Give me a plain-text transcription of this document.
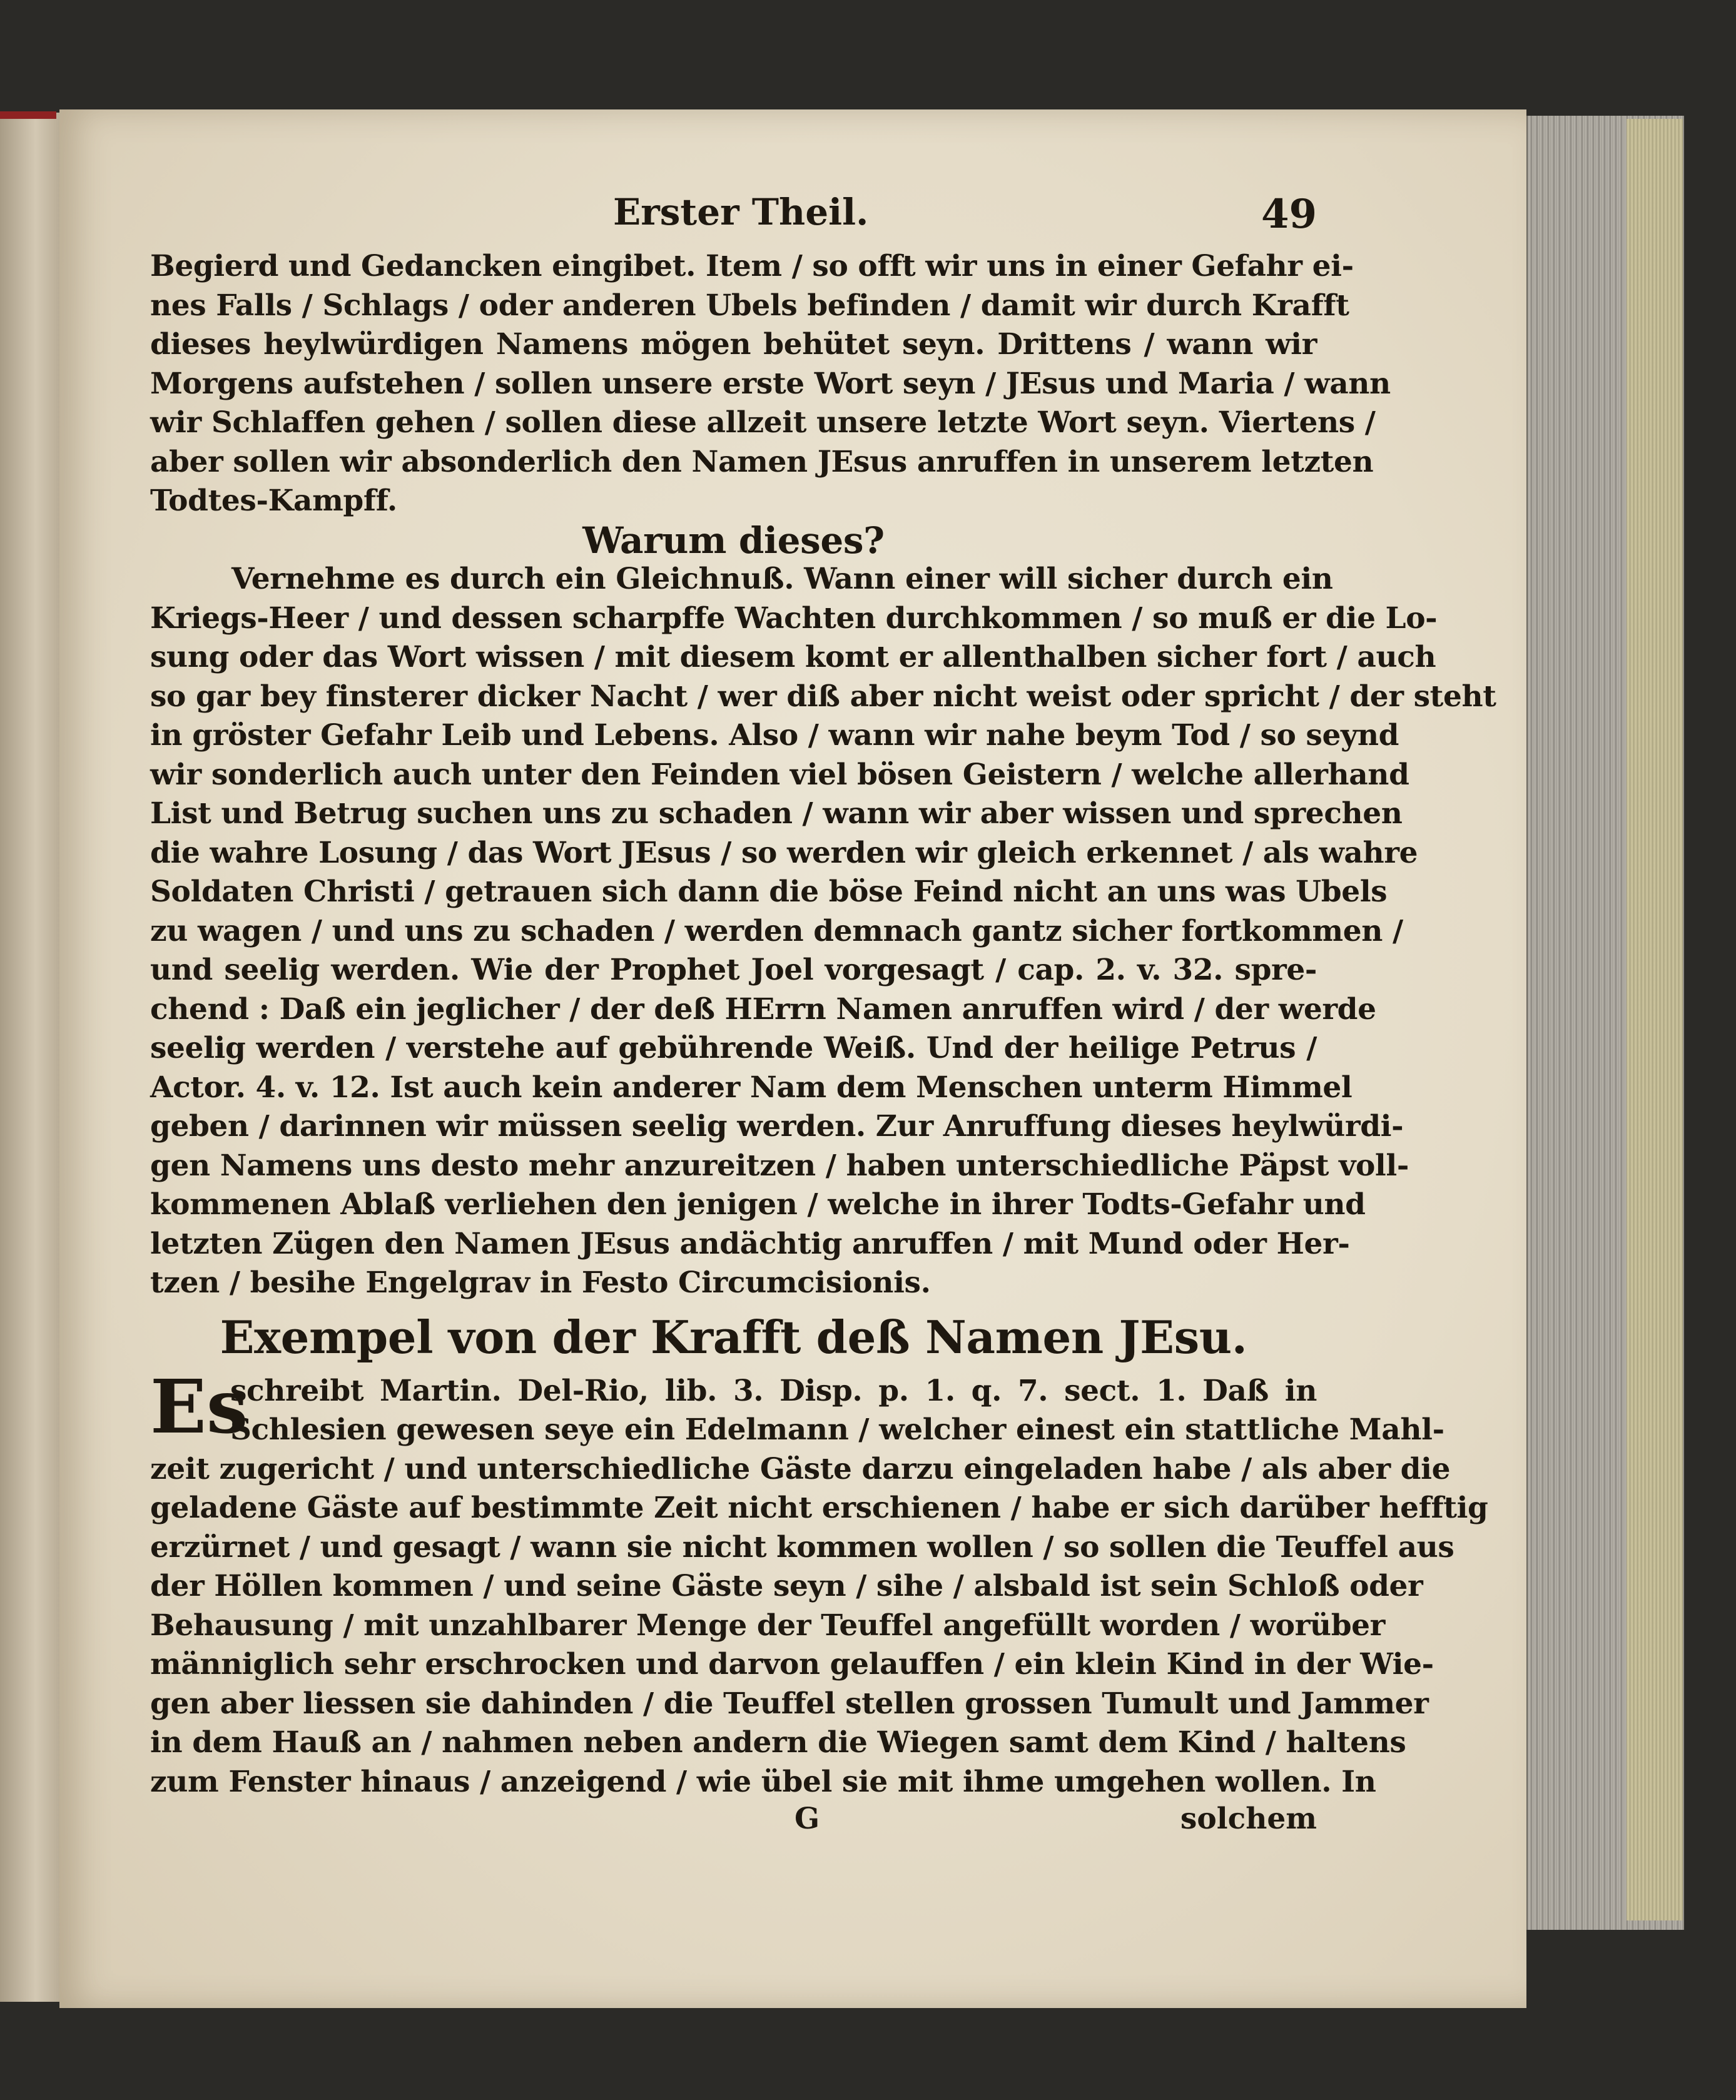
Erster Theil.	49
Begierd und Gedancken eingibet. Item / so offt wir uns in einer Gefahr ei-
nes Falls / Schlags / oder anderen Ubels befinden / damit wir durch Krafft
dieses heylwürdigen Namens mögen behütet seyn. Drittens / wann wir
Morgens aufstehen / sollen unsere erste Wort seyn / JEsus und Maria / wann
wir Schlaffen gehen / sollen diese allzeit unsere letzte Wort seyn. Viertens /
aber sollen wir absonderlich den Namen JEsus anruffen in unserem letzten
Todtes-Kampff.
Warum dieses?
Vernehme es durch ein Gleichnuß. Wann einer will sicher durch ein
Kriegs-Heer / und dessen scharpffe Wachten durchkommen / so muß er die Lo-
sung oder das Wort wissen / mit diesem komt er allenthalben sicher fort / auch
so gar bey finsterer dicker Nacht / wer diß aber nicht weist oder spricht / der steht
in gröster Gefahr Leib und Lebens. Also / wann wir nahe beym Tod / so seynd
wir sonderlich auch unter den Feinden viel bösen Geistern / welche allerhand
List und Betrug suchen uns zu schaden / wann wir aber wissen und sprechen
die wahre Losung / das Wort JEsus / so werden wir gleich erkennet / als wahre
Soldaten Christi / getrauen sich dann die böse Feind nicht an uns was Ubels
zu wagen / und uns zu schaden / werden demnach gantz sicher fortkommen /
und seelig werden. Wie der Prophet Joel vorgesagt / cap. 2. v. 32. spre-
chend : Daß ein jeglicher / der deß HErrn Namen anruffen wird / der werde
seelig werden / verstehe auf gebührende Weiß. Und der heilige Petrus /
Actor. 4. v. 12. Ist auch kein anderer Nam dem Menschen unterm Himmel
geben / darinnen wir müssen seelig werden. Zur Anruffung dieses heylwürdi-
gen Namens uns desto mehr anzureitzen / haben unterschiedliche Päpst voll-
kommenen Ablaß verliehen den jenigen / welche in ihrer Todts-Gefahr und
letzten Zügen den Namen JEsus andächtig anruffen / mit Mund oder Her-
tzen / besihe Engelgrav in Festo Circumcisionis.
Exempel von der Krafft deß Namen JEsu.
Es
schreibt Martin. Del-Rio, lib. 3. Disp. p. 1. q. 7. sect. 1. Daß in
Schlesien gewesen seye ein Edelmann / welcher einest ein stattliche Mahl-
zeit zugericht / und unterschiedliche Gäste darzu eingeladen habe / als aber die
geladene Gäste auf bestimmte Zeit nicht erschienen / habe er sich darüber hefftig
erzürnet / und gesagt / wann sie nicht kommen wollen / so sollen die Teuffel aus
der Höllen kommen / und seine Gäste seyn / sihe / alsbald ist sein Schloß oder
Behausung / mit unzahlbarer Menge der Teuffel angefüllt worden / worüber
männiglich sehr erschrocken und darvon gelauffen / ein klein Kind in der Wie-
gen aber liessen sie dahinden / die Teuffel stellen grossen Tumult und Jammer
in dem Hauß an / nahmen neben andern die Wiegen samt dem Kind / haltens
zum Fenster hinaus / anzeigend / wie übel sie mit ihme umgehen wollen. In
G	solchem
